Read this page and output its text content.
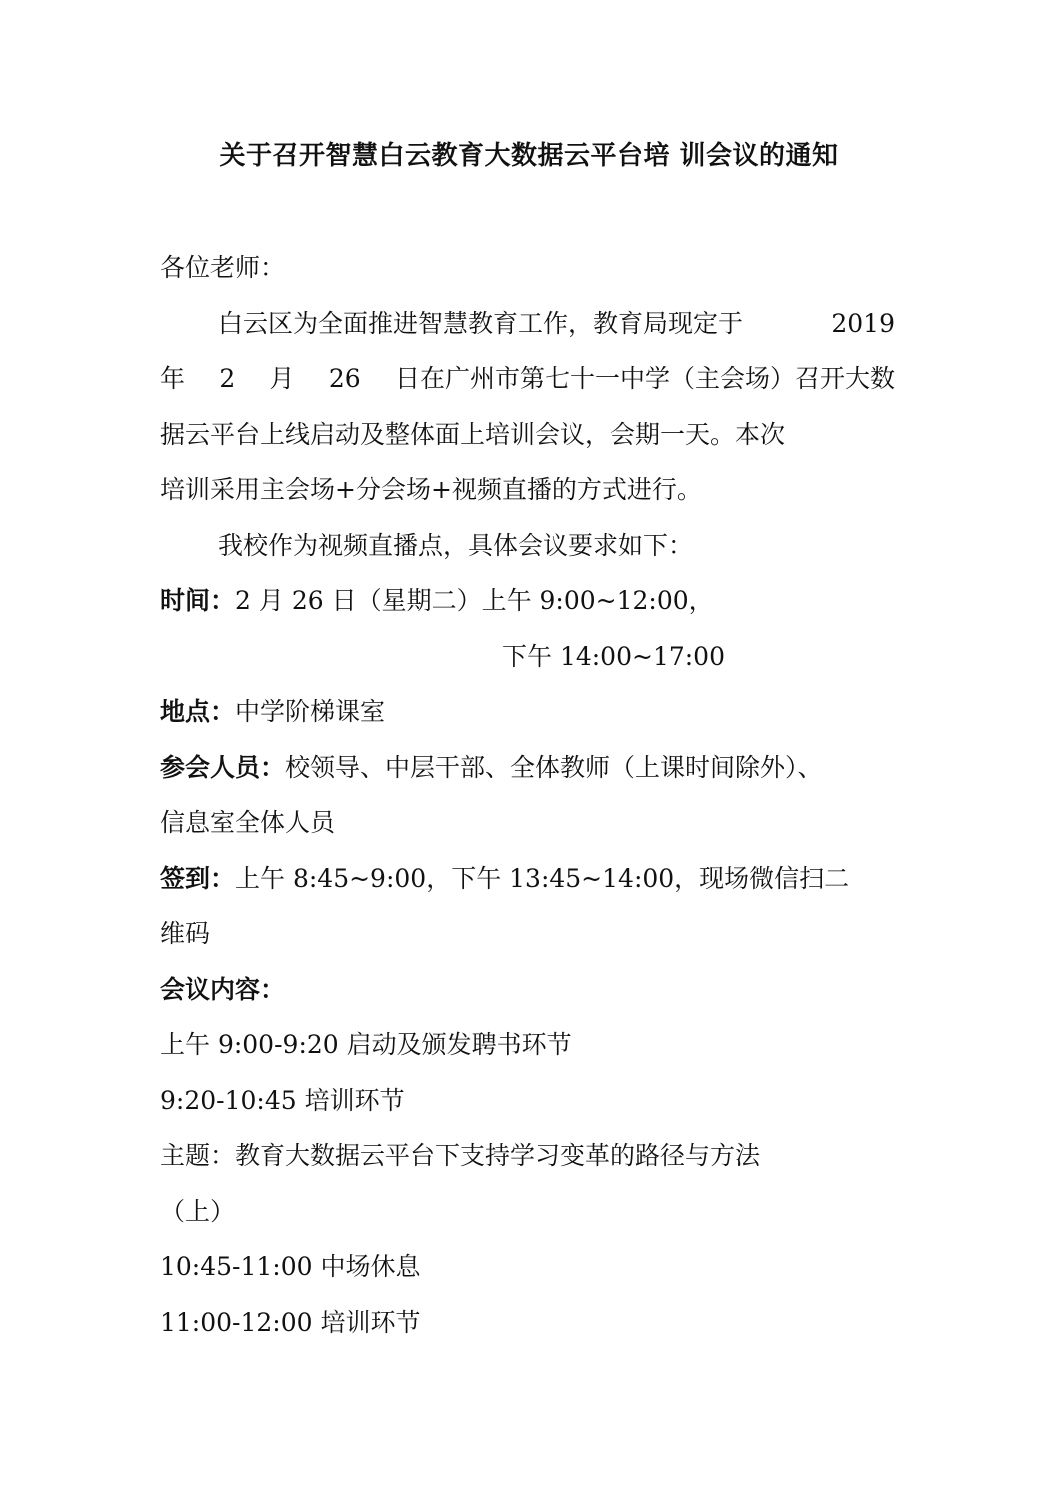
关于召开智慧白云教育大数据云平台培 训会议的通知
各位老师：
白云区为全面推进智慧教育工作，教育局现定于	2019
年 2 月 26 日在广州市第七十一中学（主会场）召开大数
据云平台上线启动及整体面上培训会议，会期一天。本次
培训采用主会场+分会场+视频直播的方式进行。
我校作为视频直播点，具体会议要求如下：
时间：2 月 26 日（星期二）上午 9:00~12:00，
下午 14:00~17:00
地点：中学阶梯课室
参会人员：校领导、中层干部、全体教师（上课时间除外）、
信息室全体人员
签到：上午 8:45~9:00，下午 13:45~14:00，现场微信扫二
维码
会议内容：
上午 9:00-9:20 启动及颁发聘书环节
9:20-10:45 培训环节
主题：教育大数据云平台下支持学习变革的路径与方法
（上）
10:45-11:00 中场休息
11:00-12:00 培训环节
